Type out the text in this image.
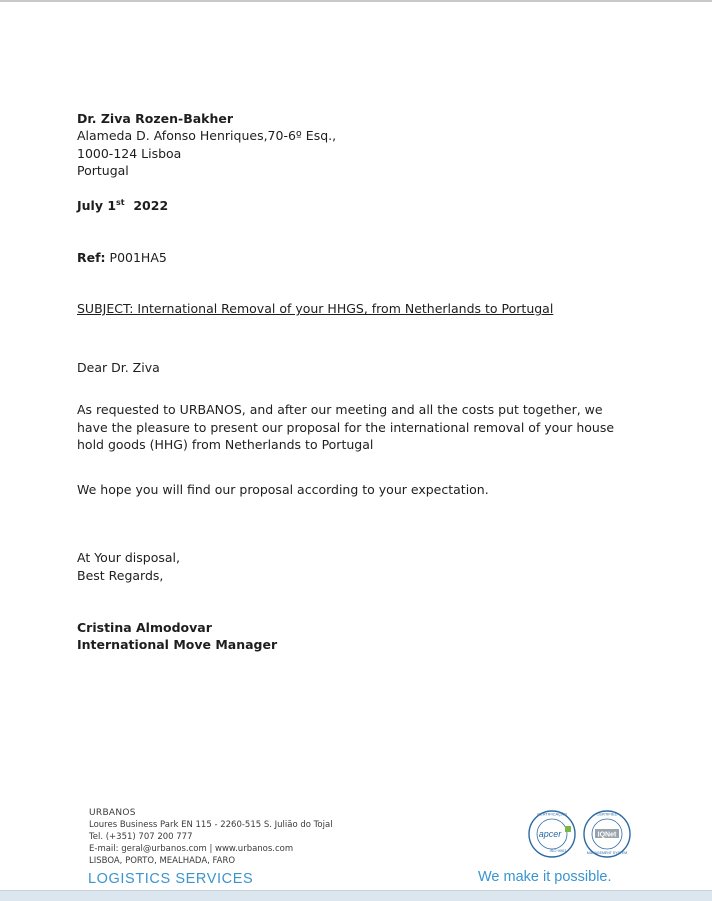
Dr. Ziva Rozen-Bakher
Alameda D. Afonso Henriques,70-6º Esq.,
1000-124 Lisboa
Portugal
July 1st 2022
Ref: P001HA5
SUBJECT: International Removal of your HHGS, from Netherlands to Portugal
Dear Dr. Ziva
As requested to URBANOS, and after our meeting and all the costs put together, we have the pleasure to present our proposal for the international removal of your house hold goods (HHG) from Netherlands to Portugal
We hope you will find our proposal according to your expectation.
At Your disposal,
Best Regards,
Cristina Almodovar
International Move Manager
URBANOS
Loures Business Park EN 115 - 2260-515 S. Julião do Tojal
Tel. (+351) 707 200 777
E-mail: geral@urbanos.com | www.urbanos.com
LISBOA, PORTO, MEALHADA, FARO
LOGISTICS SERVICES
CERTIFICAÇÃO
apcer
ISO 9001
CERTIFIED
IQNet
MANAGEMENT SYSTEM
We make it possible.
